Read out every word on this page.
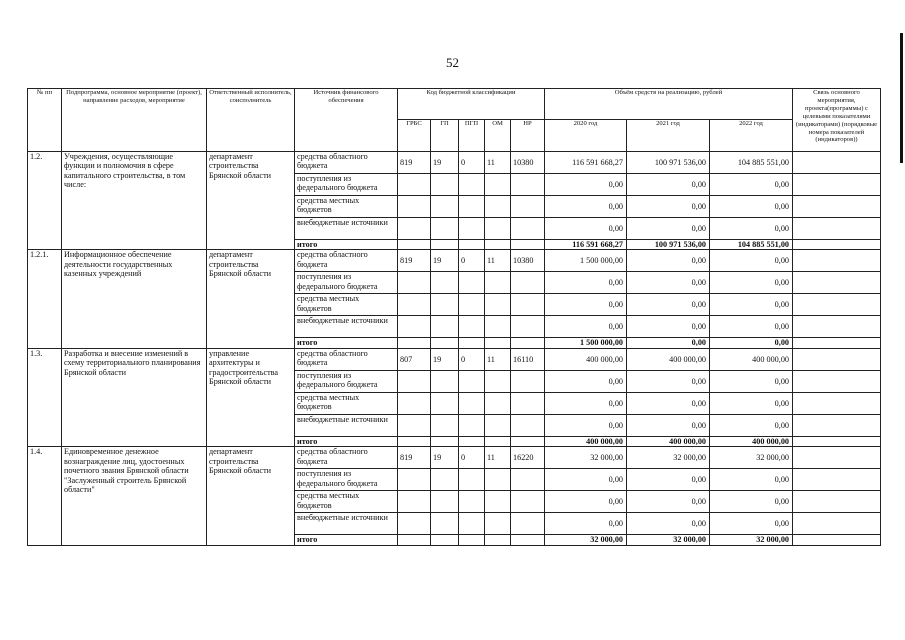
52
№ пп	Подпрограмма, основное мероприятие (проект), направление расходов, мероприятие	Ответственный исполнитель, соисполнитель	Источник финансового обеспечения	Код бюджетной классификации					Объём средств на реализацию, рублей			Связь основного мероприятия, проекта(программы) с целевыми показателями (индикаторами) (порядковые номера показателей (индикаторов))
				ГРБС	ГП	ПГП	ОМ	НР	2020 год	2021 год	2022 год	
1.2.	Учреждения, осуществляющие функции и полномочия в сфере капитального строительства, в том числе:	департамент строительства Брянской области	средства областного бюджета	819	19	0	11	10380	116 591 668,27	100 971 536,00	104 885 551,00	
			поступления из федерального бюджета						0,00	0,00	0,00	
			средства местных бюджетов						0,00	0,00	0,00	
			внебюджетные источники						0,00	0,00	0,00	
			итого						116 591 668,27	100 971 536,00	104 885 551,00	
1.2.1.	Информационное обеспечение деятельности государственных казенных учреждений	департамент строительства Брянской области	средства областного бюджета	819	19	0	11	10380	1 500 000,00	0,00	0,00	
			поступления из федерального бюджета						0,00	0,00	0,00	
			средства местных бюджетов						0,00	0,00	0,00	
			внебюджетные источники						0,00	0,00	0,00	
			итого						1 500 000,00	0,00	0,00	
1.3.	Разработка и внесение изменений в схему территориального планирования Брянской области	управление архитектуры и градостроительства Брянской области	средства областного бюджета	807	19	0	11	16110	400 000,00	400 000,00	400 000,00	
			поступления из федерального бюджета						0,00	0,00	0,00	
			средства местных бюджетов						0,00	0,00	0,00	
			внебюджетные источники						0,00	0,00	0,00	
			итого						400 000,00	400 000,00	400 000,00	
1.4.	Единовременное денежное вознаграждение лиц, удостоенных почетного звания Брянской области "Заслуженный строитель Брянской области"	департамент строительства Брянской области	средства областного бюджета	819	19	0	11	16220	32 000,00	32 000,00	32 000,00	
			поступления из федерального бюджета						0,00	0,00	0,00	
			средства местных бюджетов						0,00	0,00	0,00	
			внебюджетные источники						0,00	0,00	0,00	
			итого						32 000,00	32 000,00	32 000,00	
